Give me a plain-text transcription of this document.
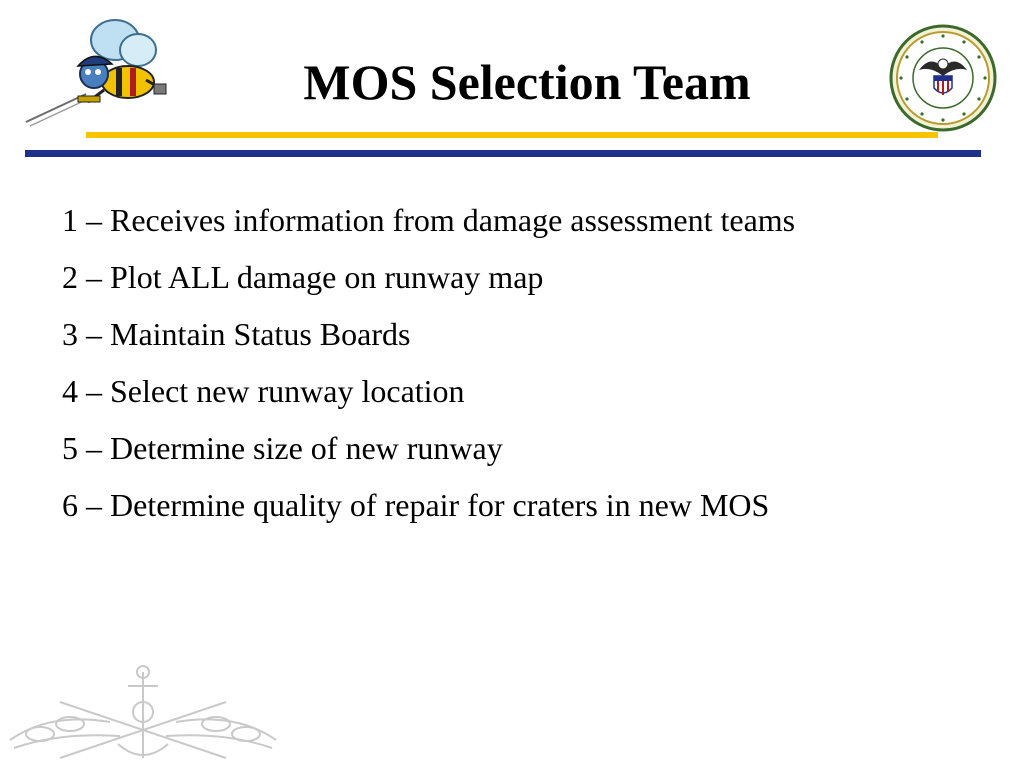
MOS Selection Team
1 – Receives information from damage assessment teams
2 – Plot ALL damage on runway map
3 – Maintain Status Boards
4 – Select new runway location
5 – Determine size of new runway
6 – Determine quality of repair for craters in new MOS
